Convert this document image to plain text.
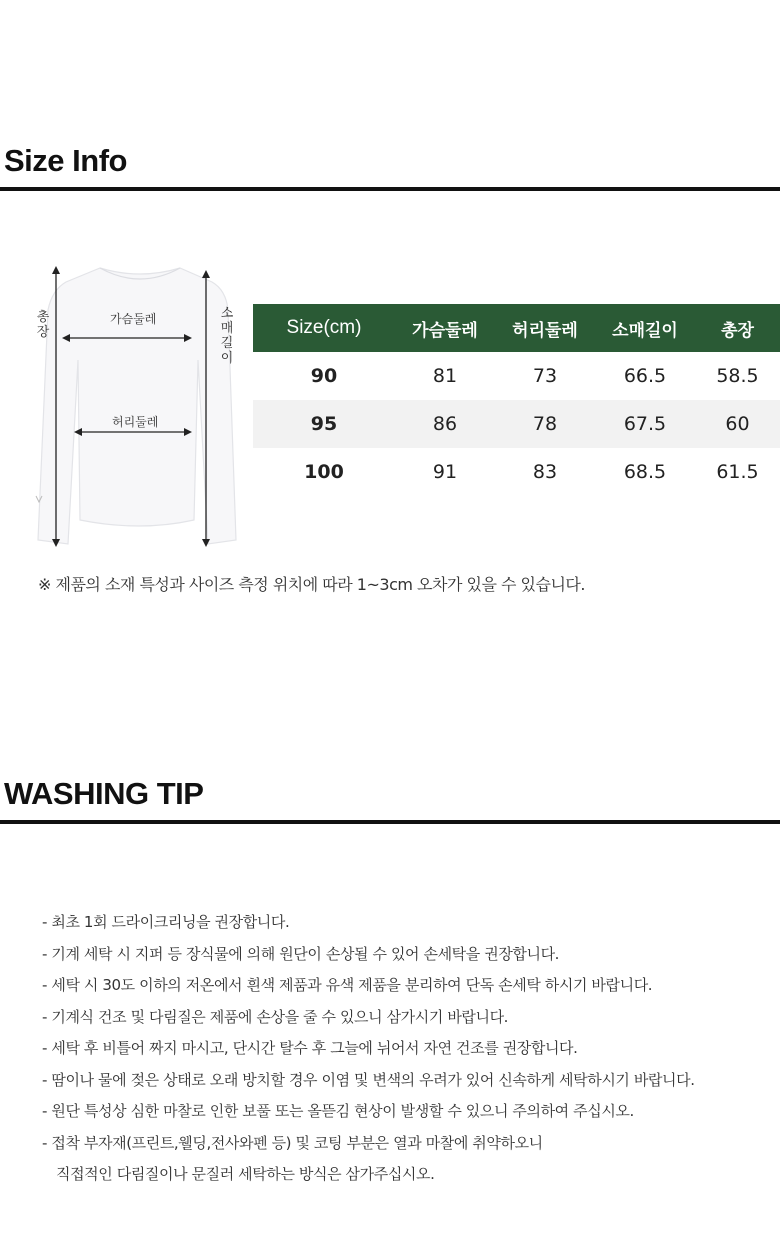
Size Info
총
장
소
매
길
이
가슴둘레
허리둘레
Size(cm)	가슴둘레	허리둘레	소매길이	총장
90	81	73	66.5	58.5
95	86	78	67.5	60
100	91	83	68.5	61.5
※ 제품의 소재 특성과 사이즈 측정 위치에 따라 1~3cm 오차가 있을 수 있습니다.
WASHING TIP
- 최초 1회 드라이크리닝을 권장합니다.
- 기계 세탁 시 지퍼 등 장식물에 의해 원단이 손상될 수 있어 손세탁을 권장합니다.
- 세탁 시 30도 이하의 저온에서 흰색 제품과 유색 제품을 분리하여 단독 손세탁 하시기 바랍니다.
- 기계식 건조 및 다림질은 제품에 손상을 줄 수 있으니 삼가시기 바랍니다.
- 세탁 후 비틀어 짜지 마시고, 단시간 탈수 후 그늘에 뉘어서 자연 건조를 권장합니다.
- 땀이나 물에 젖은 상태로 오래 방치할 경우 이염 및 변색의 우려가 있어 신속하게 세탁하시기 바랍니다.
- 원단 특성상 심한 마찰로 인한 보풀 또는 올뜯김 현상이 발생할 수 있으니 주의하여 주십시오.
- 접착 부자재(프린트,웰딩,전사와펜 등) 및 코팅 부분은 열과 마찰에 취약하오니
직접적인 다림질이나 문질러 세탁하는 방식은 삼가주십시오.
